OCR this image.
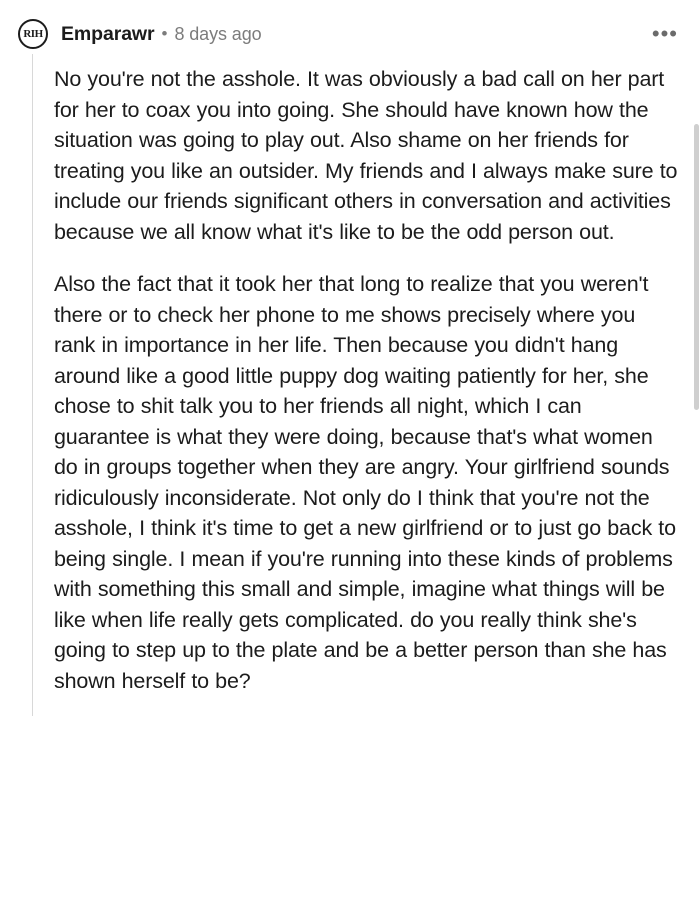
RIH Emparawr • 8 days ago	•••

No you're not the asshole. It was obviously a bad call on her part for her to coax you into going. She should have known how the situation was going to play out. Also shame on her friends for treating you like an outsider. My friends and I always make sure to include our friends significant others in conversation and activities because we all know what it's like to be the odd person out.

Also the fact that it took her that long to realize that you weren't there or to check her phone to me shows precisely where you rank in importance in her life. Then because you didn't hang around like a good little puppy dog waiting patiently for her, she chose to shit talk you to her friends all night, which I can guarantee is what they were doing, because that's what women do in groups together when they are angry. Your girlfriend sounds ridiculously inconsiderate. Not only do I think that you're not the asshole, I think it's time to get a new girlfriend or to just go back to being single. I mean if you're running into these kinds of problems with something this small and simple, imagine what things will be like when life really gets complicated. do you really think she's going to step up to the plate and be a better person than she has shown herself to be?
